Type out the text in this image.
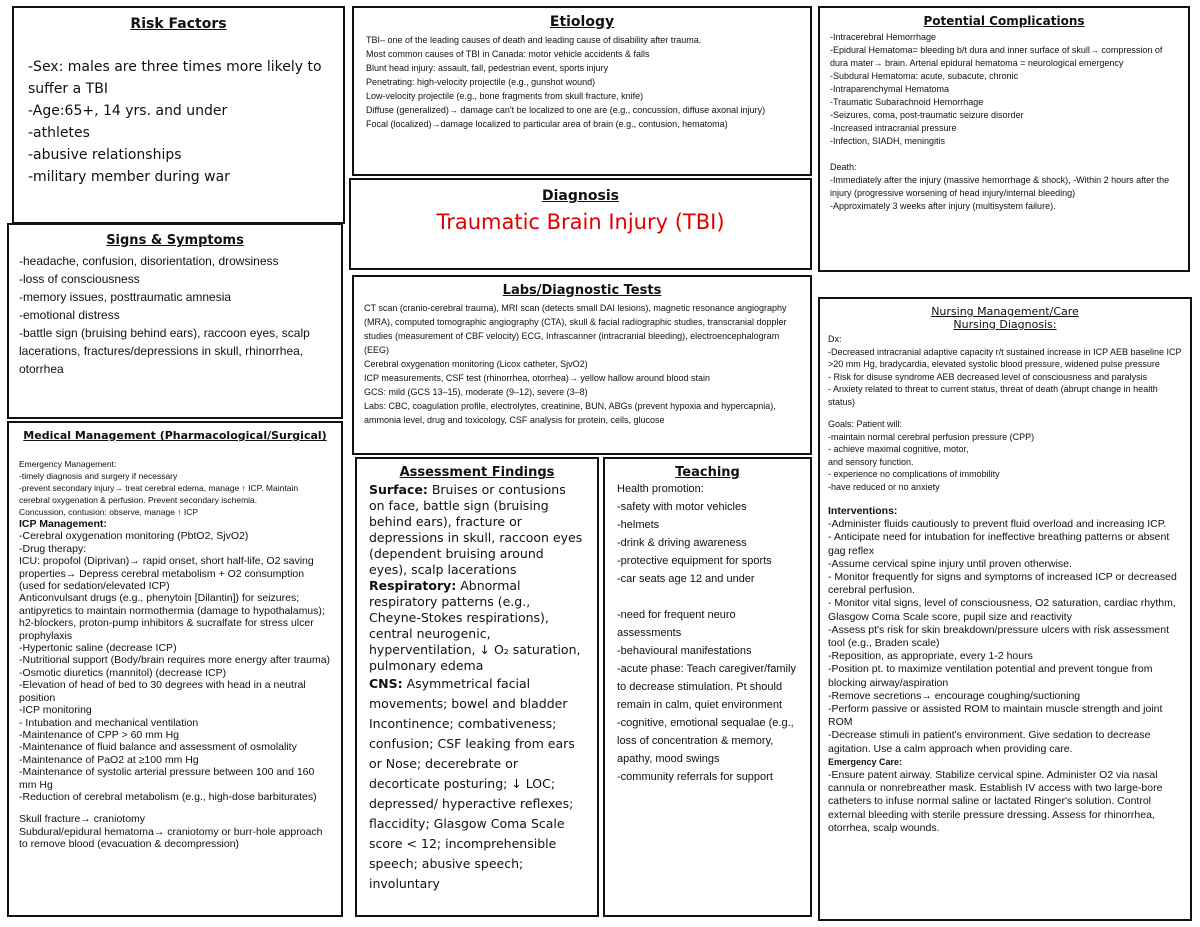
Risk Factors
-Sex: males are three times more likely to suffer a TBI
-Age:65+, 14 yrs. and under
-athletes
-abusive relationships
-military member during war
Etiology
TBI– one of the leading causes of death and leading cause of disability after trauma.
Most common causes of TBI in Canada: motor vehicle accidents & falls
Blunt head injury: assault, fall, pedestrian event, sports injury
Penetrating: high-velocity projectile (e.g., gunshot wound)
Low-velocity projectile (e.g., bone fragments from skull fracture, knife)
Diffuse (generalized)→ damage can't be localized to one are (e.g., concussion, diffuse axonal injury)
Focal (localized)→damage localized to particular area of brain (e.g., contusion, hematoma)
Potential Complications
-Intracerebral Hemorrhage
-Epidural Hematoma= bleeding b/t dura and inner surface of skull→ compression of dura mater→ brain. Arterial epidural hematoma = neurological emergency
-Subdural Hematoma: acute, subacute, chronic
-Intraparenchymal Hematoma
-Traumatic Subarachnoid Hemorrhage
-Seizures, coma, post-traumatic seizure disorder
-Increased intracranial pressure
-Infection, SIADH, meningitis
Death:
-Immediately after the injury (massive hemorrhage & shock), -Within 2 hours after the injury (progressive worsening of head injury/internal bleeding)
-Approximately 3 weeks after injury (multisystem failure).
Diagnosis
Traumatic Brain Injury (TBI)
Signs & Symptoms
-headache, confusion, disorientation, drowsiness
-loss of consciousness
-memory issues, posttraumatic amnesia
-emotional distress
-battle sign (bruising behind ears), raccoon eyes, scalp lacerations, fractures/depressions in skull, rhinorrhea, otorrhea
Labs/Diagnostic Tests
CT scan (cranio-cerebral trauma), MRI scan (detects small DAI lesions), magnetic resonance angiography (MRA), computed tomographic angiography (CTA), skull & facial radiographic studies, transcranial doppler studies (measurement of CBF velocity) ECG, Infrascanner (intracranial bleeding), electroencephalogram (EEG)
Cerebral oxygenation monitoring (Licox catheter, SjvO2)
ICP measurements, CSF test (rhinorrhea, otorrhea)→ yellow hallow around blood stain
GCS: mild (GCS 13–15), moderate (9–12), severe (3–8)
Labs: CBC, coagulation profile, electrolytes, creatinine, BUN, ABGs (prevent hypoxia and hypercapnia), ammonia level, drug and toxicology, CSF analysis for protein, cells, glucose
Nursing Management/Care
Nursing Diagnosis:
Dx:
-Decreased intracranial adaptive capacity r/t sustained increase in ICP AEB baseline ICP >20 mm Hg, bradycardia, elevated systolic blood pressure, widened pulse pressure
- Risk for disuse syndrome AEB decreased level of consciousness and paralysis
- Anxiety related to threat to current status, threat of death (abrupt change in health status)
Goals: Patient will:
-maintain normal cerebral perfusion pressure (CPP)
- achieve maximal cognitive, motor,
and sensory function.
- experience no complications of immobility
-have reduced or no anxiety
Interventions:
-Administer fluids cautiously to prevent fluid overload and increasing ICP.
- Anticipate need for intubation for ineffective breathing patterns or absent gag reflex
-Assume cervical spine injury until proven otherwise.
- Monitor frequently for signs and symptoms of increased ICP or decreased cerebral perfusion.
- Monitor vital signs, level of consciousness, O2 saturation, cardiac rhythm, Glasgow Coma Scale score, pupil size and reactivity
-Assess pt's risk for skin breakdown/pressure ulcers with risk assessment tool (e.g., Braden scale)
-Reposition, as appropriate, every 1-2 hours
-Position pt. to maximize ventilation potential and prevent tongue from blocking airway/aspiration
-Remove secretions→ encourage coughing/suctioning
-Perform passive or assisted ROM to maintain muscle strength and joint ROM
-Decrease stimuli in patient's environment. Give sedation to decrease agitation. Use a calm approach when providing care.
Emergency Care:
-Ensure patent airway. Stabilize cervical spine. Administer O2 via nasal cannula or nonrebreather mask. Establish IV access with two large-bore catheters to infuse normal saline or lactated Ringer's solution. Control external bleeding with sterile pressure dressing. Assess for rhinorrhea, otorrhea, scalp wounds.
Medical Management (Pharmacological/Surgical)
Emergency Management:
-timely diagnosis and surgery if necessary
-prevent secondary injury→ treat cerebral edema, manage ↑ ICP. Maintain cerebral oxygenation & perfusion. Prevent secondary ischemia.
Concussion, contusion: observe, manage ↑ ICP
ICP Management:
-Cerebral oxygenation monitoring (PbtO2, SjvO2)
-Drug therapy:
ICU: propofol (Diprivan)→ rapid onset, short half-life, O2 saving properties→ Depress cerebral metabolism + O2 consumption (used for sedation/elevated ICP)
Anticonvulsant drugs (e.g., phenytoin [Dilantin]) for seizures; antipyretics to maintain normothermia (damage to hypothalamus); h2-blockers, proton-pump inhibitors & sucralfate for stress ulcer prophylaxis
-Hypertonic saline (decrease ICP)
-Nutritional support (Body/brain requires more energy after trauma)
-Osmotic diuretics (mannitol) (decrease ICP)
-Elevation of head of bed to 30 degrees with head in a neutral position
-ICP monitoring
- Intubation and mechanical ventilation
-Maintenance of CPP > 60 mm Hg
-Maintenance of fluid balance and assessment of osmolality
-Maintenance of PaO2 at ≥100 mm Hg
-Maintenance of systolic arterial pressure between 100 and 160 mm Hg
-Reduction of cerebral metabolism (e.g., high-dose barbiturates)
Skull fracture→ craniotomy
Subdural/epidural hematoma→ craniotomy or burr-hole approach to remove blood (evacuation & decompression)
Assessment Findings
Surface: Bruises or contusions on face, battle sign (bruising behind ears), fracture or depressions in skull, raccoon eyes (dependent bruising around eyes), scalp lacerations
Respiratory: Abnormal respiratory patterns (e.g., Cheyne-Stokes respirations), central neurogenic, hyperventilation, ↓ O₂ saturation, pulmonary edema
CNS: Asymmetrical facial movements; bowel and bladder Incontinence; combativeness; confusion; CSF leaking from ears or Nose; decerebrate or decorticate posturing; ↓ LOC; depressed/ hyperactive reflexes; flaccidity; Glasgow Coma Scale score < 12; incomprehensible speech; abusive speech; involuntary
Teaching
Health promotion:
-safety with motor vehicles
-helmets
-drink & driving awareness
-protective equipment for sports
-car seats age 12 and under
-need for frequent neuro assessments
-behavioural manifestations
-acute phase: Teach caregiver/family to decrease stimulation. Pt should remain in calm, quiet environment
-cognitive, emotional sequalae (e.g., loss of concentration & memory, apathy, mood swings
-community referrals for support
